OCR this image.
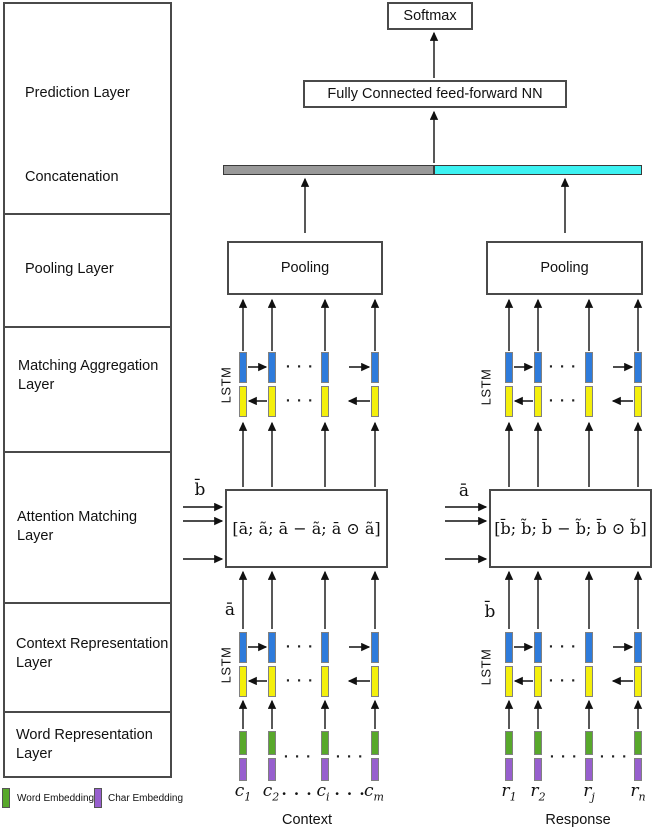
Prediction Layer
Concatenation
Pooling Layer
Matching Aggregation Layer
Attention Matching Layer
Context Representation Layer
Word Representation Layer
Word Embedding Char Embedding
Softmax
Fully Connected feed-forward NN
Pooling	Pooling
[ā; ã; ā − ã; ā ⊙ ã]	[b̄; b̃; b̄ − b̃; b̄ ⊙ b̃]
b̄	ā
ā	b̄
Context	Response
LSTM	· · ·
· · ·	LSTM
· · ·
· · ·
LSTM	· · ·
· · ·	LSTM
· · ·
· · ·
· · · · · ·	· · · · · ·
$c_1$ $c_2$ · · · $c_i$ · · ·
$c_m$	$r_1$ $r_2$ $r_j$ $r_n$
